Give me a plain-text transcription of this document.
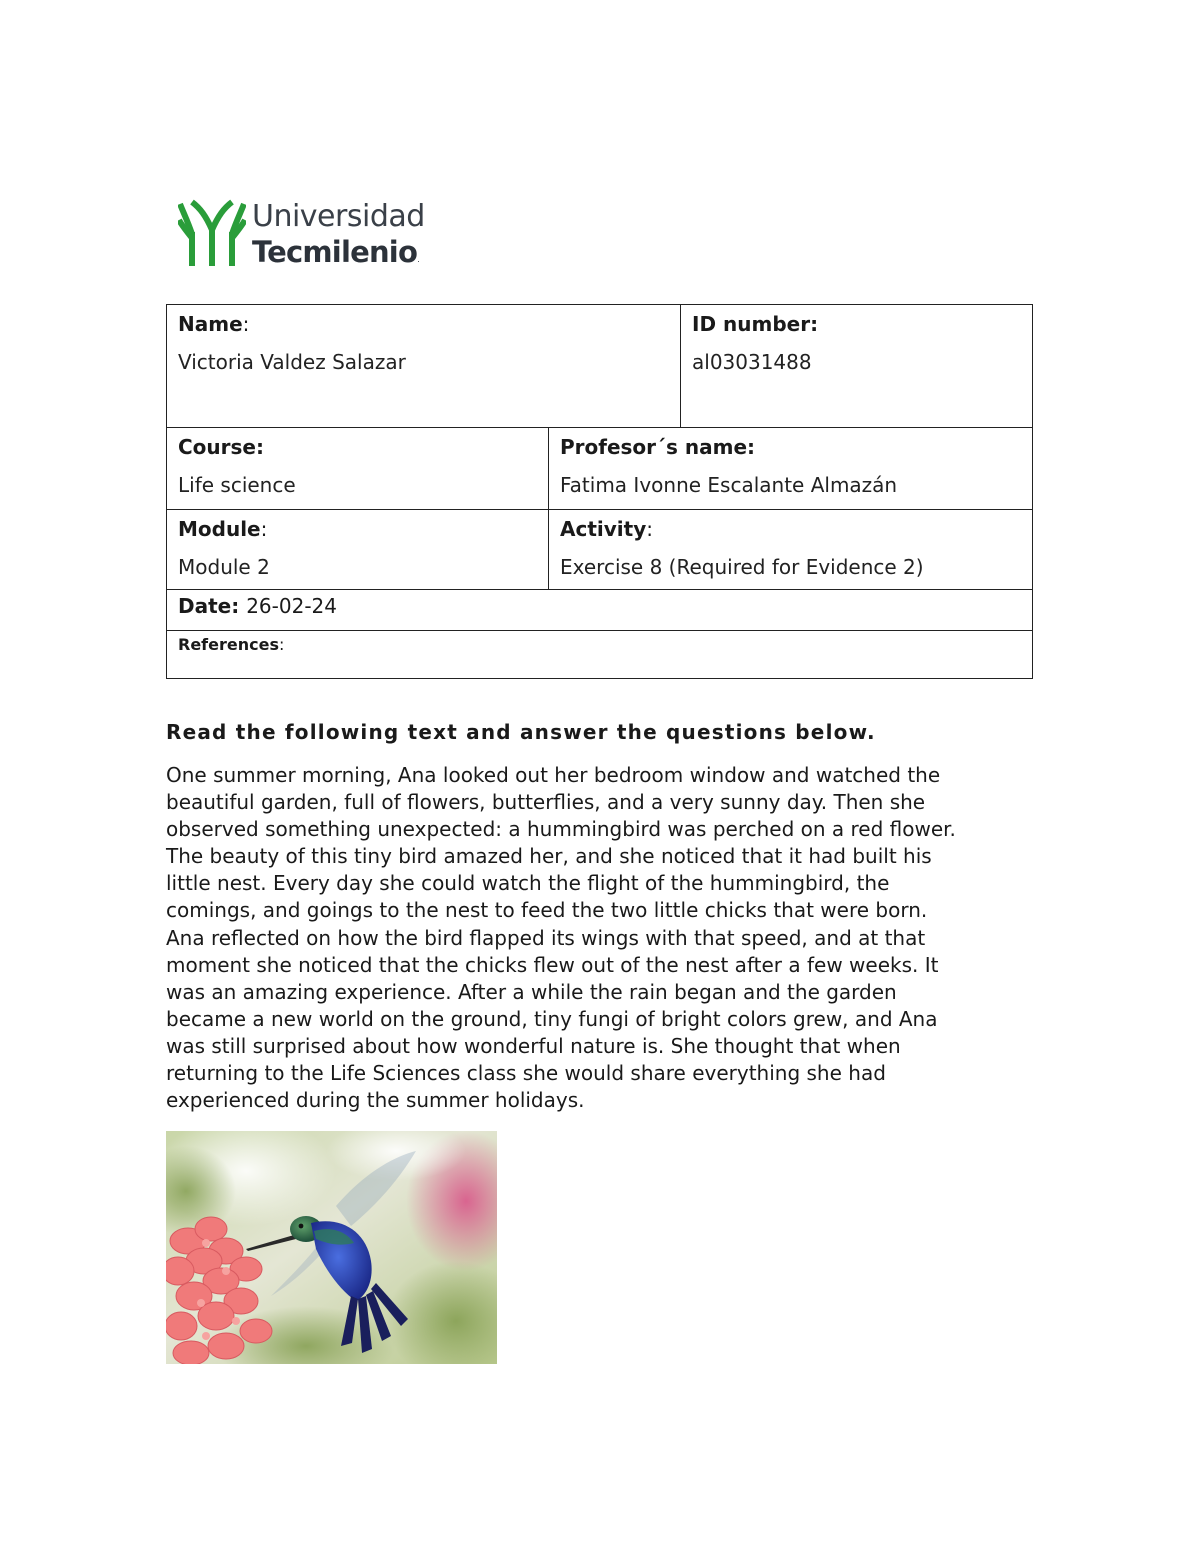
Universidad
Tecmilenio.
Name:
Victoria Valdez Salazar
ID number:
al03031488
Course:
Life science
Profesor´s name:
Fatima Ivonne Escalante Almazán
Module:
Module 2
Activity:
Exercise 8 (Required for Evidence 2)
Date: 26-02-24
References:
Read the following text and answer the questions below.
One summer morning, Ana looked out her bedroom window and watched the
beautiful garden, full of flowers, butterflies, and a very sunny day. Then she
observed something unexpected: a hummingbird was perched on a red flower.
The beauty of this tiny bird amazed her, and she noticed that it had built his
little nest. Every day she could watch the flight of the hummingbird, the
comings, and goings to the nest to feed the two little chicks that were born.
Ana reflected on how the bird flapped its wings with that speed, and at that
moment she noticed that the chicks flew out of the nest after a few weeks. It
was an amazing experience. After a while the rain began and the garden
became a new world on the ground, tiny fungi of bright colors grew, and Ana
was still surprised about how wonderful nature is. She thought that when
returning to the Life Sciences class she would share everything she had
experienced during the summer holidays.
